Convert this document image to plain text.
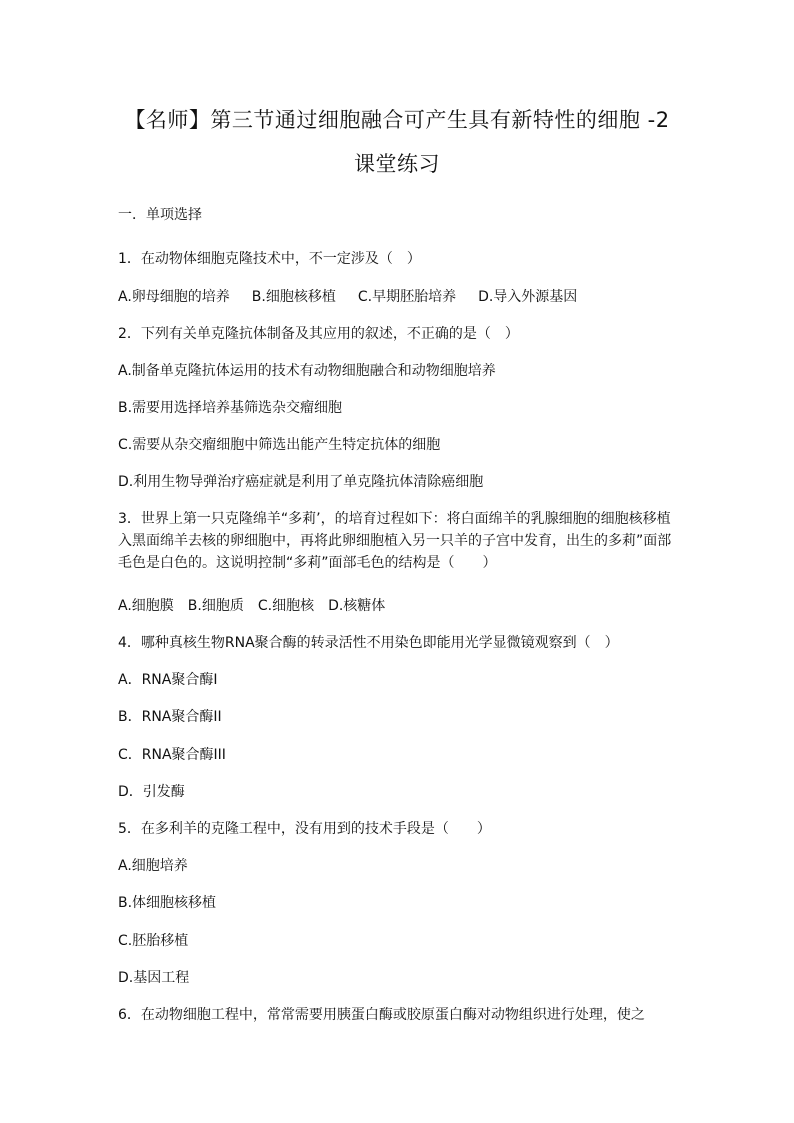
【名师】第三节通过细胞融合可产生具有新特性的细胞 -2
课堂练习
一．单项选择
1．在动物体细胞克隆技术中，不一定涉及（　）
A.卵母细胞的培养 B.细胞核移植 C.早期胚胎培养 D.导入外源基因
2．下列有关单克隆抗体制备及其应用的叙述，不正确的是（　）
A.制备单克隆抗体运用的技术有动物细胞融合和动物细胞培养
B.需要用选择培养基筛选杂交瘤细胞
C.需要从杂交瘤细胞中筛选出能产生特定抗体的细胞
D.利用生物导弹治疗癌症就是利用了单克隆抗体清除癌细胞
3．世界上第一只克隆绵羊“多莉’，的培育过程如下：将白面绵羊的乳腺细胞的细胞核移植入黑面绵羊去核的卵细胞中，再将此卵细胞植入另一只羊的子宫中发育，出生的多莉”面部毛色是白色的。这说明控制“多莉”面部毛色的结构是（　　）
A.细胞膜 B.细胞质 C.细胞核 D.核糖体
4．哪种真核生物RNA聚合酶的转录活性不用染色即能用光学显微镜观察到（　）
A．RNA聚合酶I
B．RNA聚合酶II
C．RNA聚合酶III
D．引发酶
5．在多利羊的克隆工程中，没有用到的技术手段是（　　）
A.细胞培养
B.体细胞核移植
C.胚胎移植
D.基因工程
6．在动物细胞工程中，常常需要用胰蛋白酶或胶原蛋白酶对动物组织进行处理，使之
